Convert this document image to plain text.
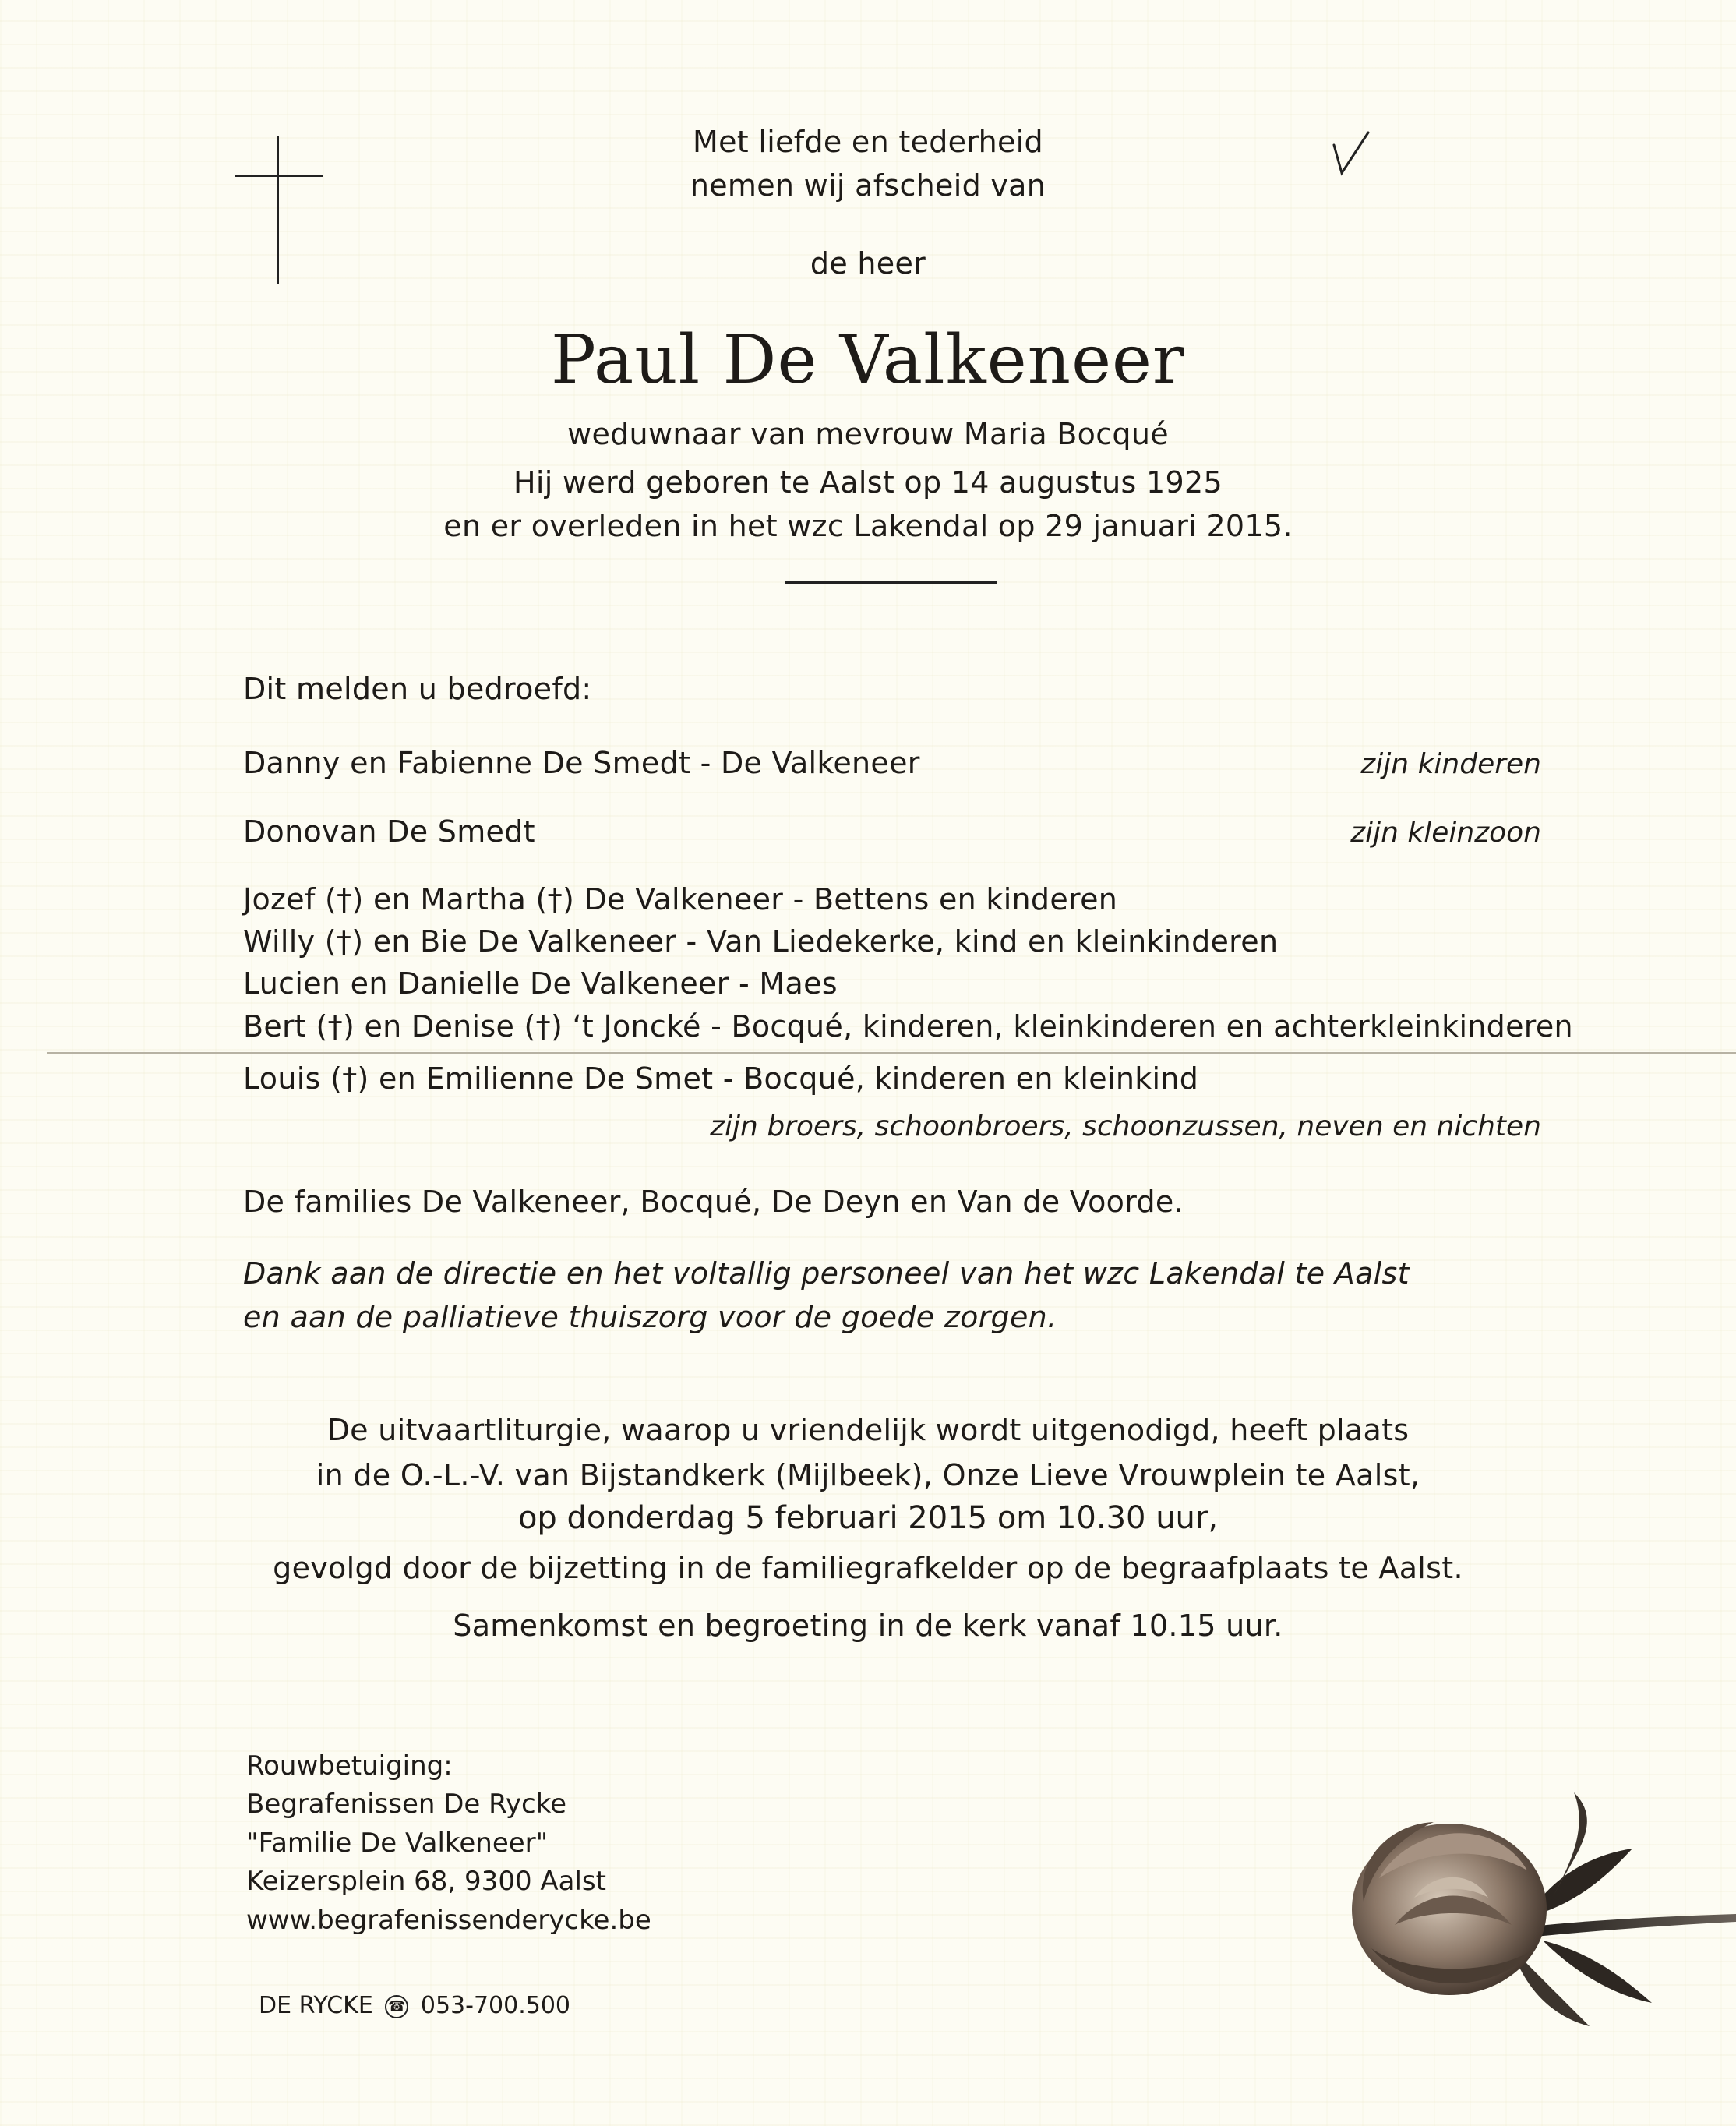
Met liefde en tederheid
nemen wij afscheid van
de heer
Paul De Valkeneer
weduwnaar van mevrouw Maria Bocqué
Hij werd geboren te Aalst op 14 augustus 1925
en er overleden in het wzc Lakendal op 29 januari 2015.
Dit melden u bedroefd:
Danny en Fabienne De Smedt - De Valkeneer	zijn kinderen
Donovan De Smedt	zijn kleinzoon
Jozef (†) en Martha (†) De Valkeneer - Bettens en kinderen
Willy (†) en Bie De Valkeneer - Van Liedekerke, kind en kleinkinderen
Lucien en Danielle De Valkeneer - Maes
Bert (†) en Denise (†) ‘t Joncké - Bocqué, kinderen, kleinkinderen en achterkleinkinderen
Louis (†) en Emilienne De Smet - Bocqué, kinderen en kleinkind
zijn broers, schoonbroers, schoonzussen, neven en nichten
De families De Valkeneer, Bocqué, De Deyn en Van de Voorde.
Dank aan de directie en het voltallig personeel van het wzc Lakendal te Aalst
en aan de palliatieve thuiszorg voor de goede zorgen.
De uitvaartliturgie, waarop u vriendelijk wordt uitgenodigd, heeft plaats
in de O.-L.-V. van Bijstandkerk (Mijlbeek), Onze Lieve Vrouwplein te Aalst,
op donderdag 5 februari 2015 om 10.30 uur,
gevolgd door de bijzetting in de familiegrafkelder op de begraafplaats te Aalst.
Samenkomst en begroeting in de kerk vanaf 10.15 uur.
Rouwbetuiging:
Begrafenissen De Rycke
"Familie De Valkeneer"
Keizersplein 68, 9300 Aalst
www.begrafenissenderycke.be
DE RYCKE ☎ 053-700.500
